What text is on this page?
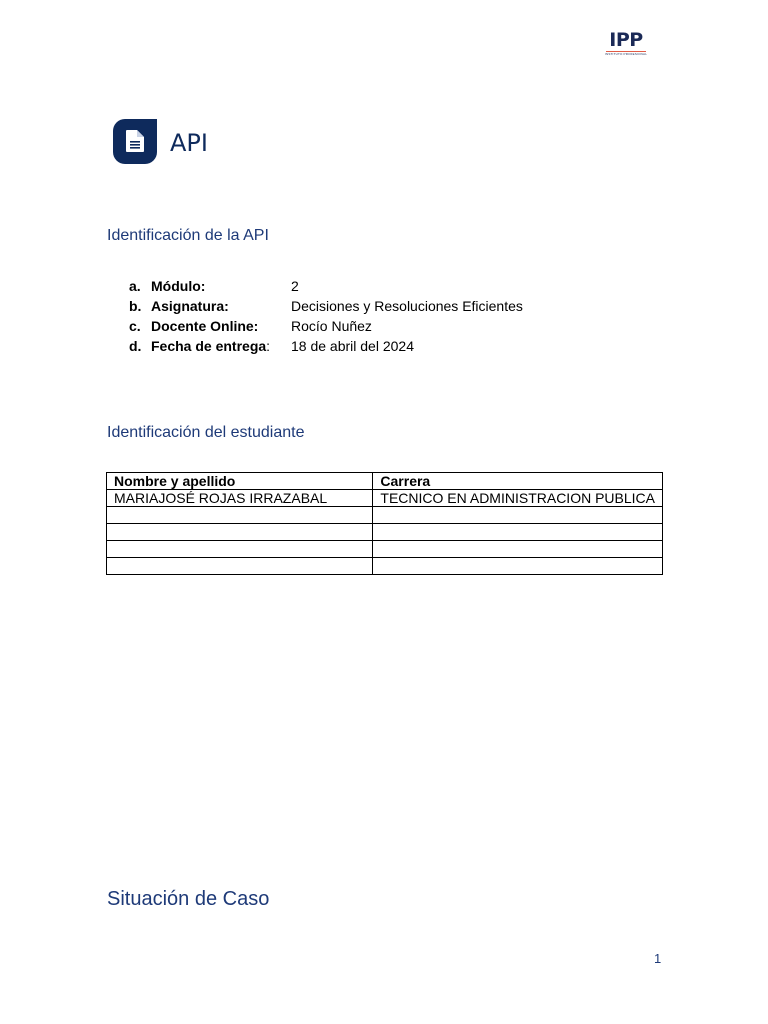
IPP
INSTITUTO PROFESIONAL
API
Identificación de la API
a. Módulo:	2
b. Asignatura:	Decisiones y Resoluciones Eficientes
c. Docente Online: Rocío Nuñez
d. Fecha de entrega: 18 de abril del 2024
Identificación del estudiante
Nombre y apellido	Carrera
MARIAJOSÉ ROJAS IRRAZABAL	TECNICO EN ADMINISTRACION PUBLICA

Situación de Caso
1
